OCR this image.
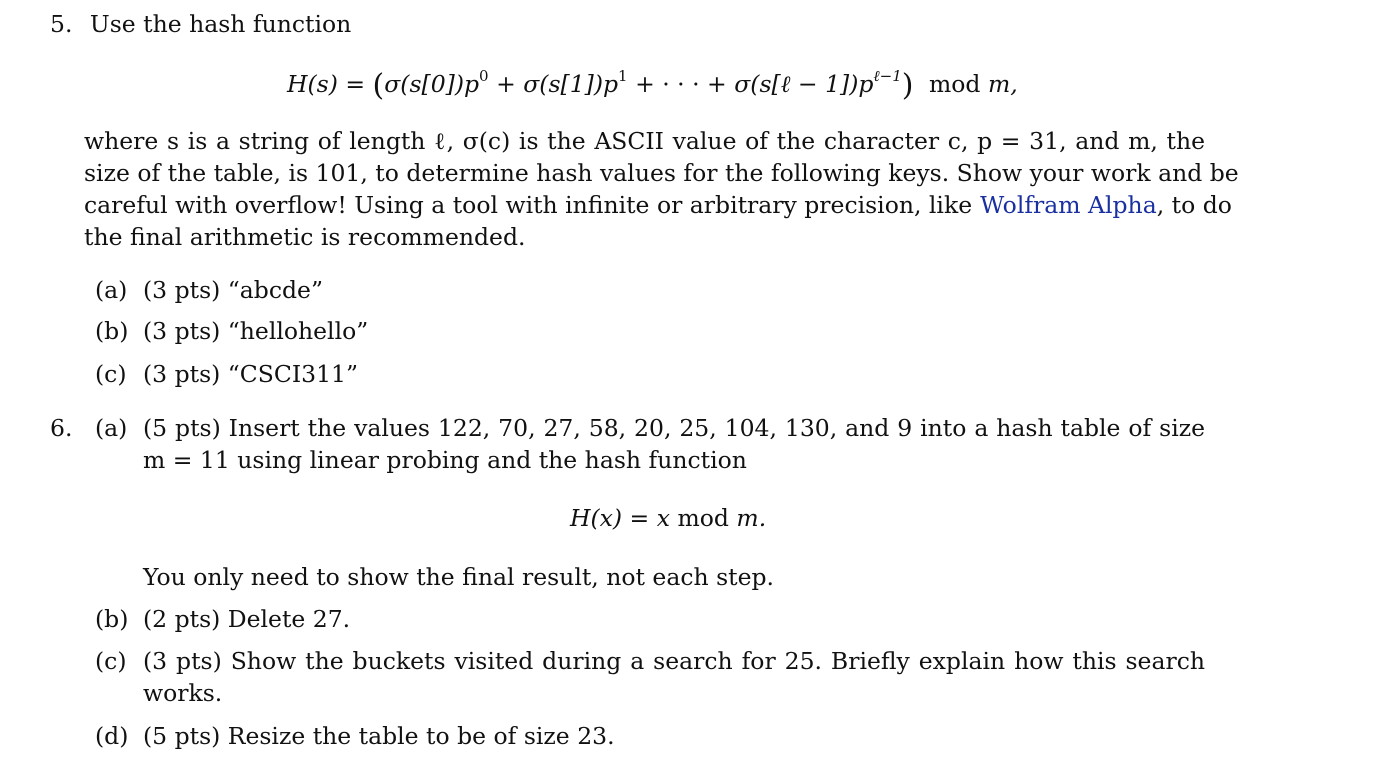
5. Use the hash function
$H(s) = (\sigma(s[0])p^0 + \sigma(s[1])p^1$ + · · · + σ(s[ℓ − $1])p^{\ell-1}$) mod m,
where s is a string of length ℓ, σ(c) is the ASCII value of the character c, p = 31, and m, the
size of the table, is 101, to determine hash values for the following keys. Show your work and be
careful with overflow! Using a tool with infinite or arbitrary precision, like Wolfram Alpha, to do
the final arithmetic is recommended.
(a) (3 pts) “abcde”
(b) (3 pts) “hellohello”
(c) (3 pts) “CSCI311”
6. (a) (5 pts) Insert the values 122, 70, 27, 58, 20, 25, 104, 130, and 9 into a hash table of size
m = 11 using linear probing and the hash function
H(x) = x mod m.
You only need to show the final result, not each step.
(b) (2 pts) Delete 27.
(c) (3 pts) Show the buckets visited during a search for 25. Briefly explain how this search
works.
(d) (5 pts) Resize the table to be of size 23.
